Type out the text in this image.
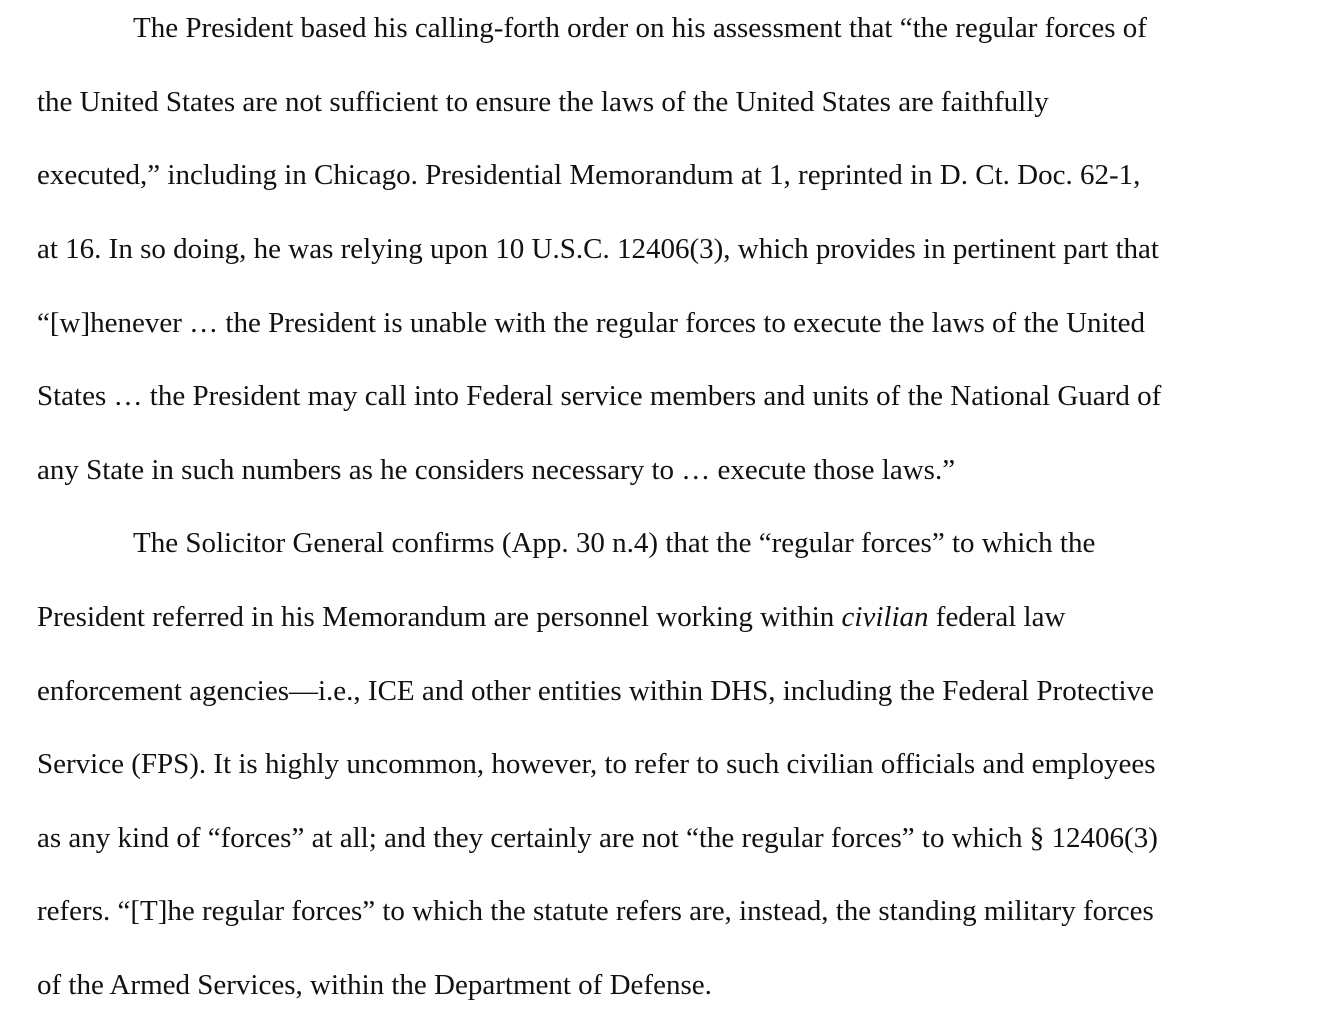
The President based his calling-forth order on his assessment that “the regular forces of
the United States are not sufficient to ensure the laws of the United States are faithfully
executed,” including in Chicago. Presidential Memorandum at 1, reprinted in D. Ct. Doc. 62-1,
at 16. In so doing, he was relying upon 10 U.S.C. 12406(3), which provides in pertinent part that
“[w]henever … the President is unable with the regular forces to execute the laws of the United
States … the President may call into Federal service members and units of the National Guard of
any State in such numbers as he considers necessary to … execute those laws.”
The Solicitor General confirms (App. 30 n.4) that the “regular forces” to which the
President referred in his Memorandum are personnel working within civilian federal law
enforcement agencies—i.e., ICE and other entities within DHS, including the Federal Protective
Service (FPS). It is highly uncommon, however, to refer to such civilian officials and employees
as any kind of “forces” at all; and they certainly are not “the regular forces” to which § 12406(3)
refers. “[T]he regular forces” to which the statute refers are, instead, the standing military forces
of the Armed Services, within the Department of Defense.
